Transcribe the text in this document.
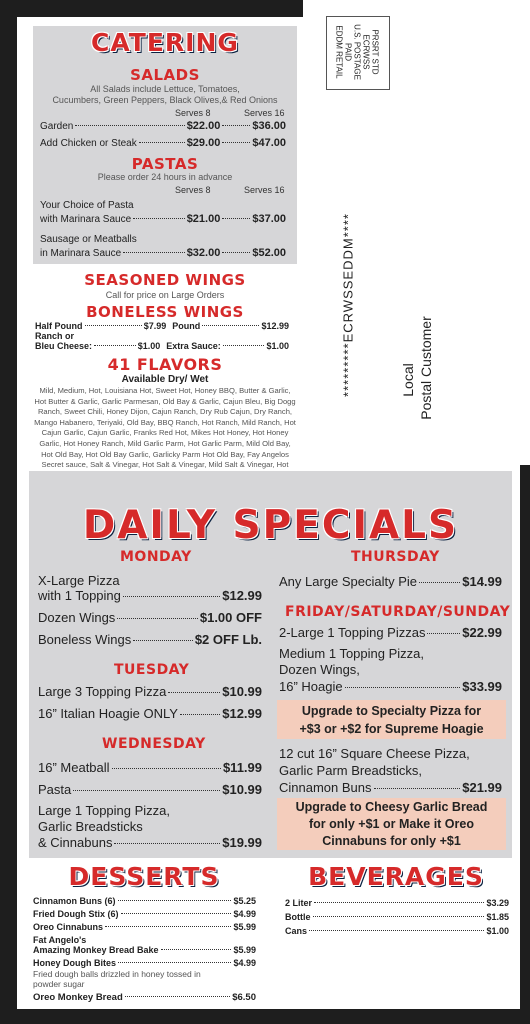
CATERING
SALADS
All Salads include Lettuce, Tomatoes,
Cucumbers, Green Peppers, Black Olives,& Red Onions
Serves 8	Serves 16
Garden	$22.00	$36.00
Add Chicken or Steak	$29.00	$47.00
PASTAS
Please order 24 hours in advance
Serves 8	Serves 16
Your Choice of Pasta
with Marinara Sauce	$21.00	$37.00
Sausage or Meatballs
in Marinara Sauce	$32.00	$52.00
SEASONED WINGS
Call for price on Large Orders
BONELESS WINGS
Half Pound	$7.99 Pound	$12.99
Ranch or
Bleu Cheese:	$1.00 Extra Sauce:	$1.00
41 FLAVORS
Available Dry/ Wet
Mild, Medium, Hot, Louisiana Hot, Sweet Hot, Honey BBQ, Butter & Garlic, Hot Butter & Garlic, Garlic Parmesan, Old Bay & Garlic, Cajun Bleu, Big Dogg Ranch, Sweet Chili, Honey Dijon, Cajun Ranch, Dry Rub Cajun, Dry Ranch, Mango Habanero, Teriyaki, Old Bay, BBQ Ranch, Hot Ranch, Mild Ranch, Hot Cajun Garlic, Cajun Garlic, Franks Red Hot, Mikes Hot Honey, Hot Honey Garlic, Hot Honey Ranch, Mild Garlic Parm, Hot Garlic Parm, Mild Old Bay, Hot Old Bay, Hot Old Bay Garlic, Garlicky Parm Hot Old Bay, Fay Angelos Secret sauce, Salt & Vinegar, Hot Salt & Vinegar, Mild Salt & Vinegar, Hot
PRSRT STD
ECRWSS
U.S. POSTAGE
PAID
EDDM RETAIL
*********ECRWSSEDDM****	Local Postal Customer
DAILY SPECIALS
MONDAY
X-Large Pizza
with 1 Topping	$12.99
Dozen Wings	$1.00 OFF
Boneless Wings	$2 OFF Lb.
TUESDAY
Large 3 Topping Pizza	$10.99
16” Italian Hoagie ONLY	$12.99
WEDNESDAY
16” Meatball	$11.99
Pasta	$10.99
Large 1 Topping Pizza,
Garlic Breadsticks
& Cinnabuns	$19.99
THURSDAY
Any Large Specialty Pie	$14.99
FRIDAY/SATURDAY/SUNDAY
2-Large 1 Topping Pizzas	$22.99
Medium 1 Topping Pizza,
Dozen Wings,
16” Hoagie	$33.99
Upgrade to Specialty Pizza for
+$3 or +$2 for Supreme Hoagie
12 cut 16” Square Cheese Pizza,
Garlic Parm Breadsticks,
Cinnamon Buns	$21.99
Upgrade to Cheesy Garlic Bread
for only +$1 or Make it Oreo
Cinnabuns for only +$1
DESSERTS
Cinnamon Buns (6)	$5.25
Fried Dough Stix (6)	$4.99
Oreo Cinnabuns	$5.99
Fat Angelo's
Amazing Monkey Bread Bake	$5.99
Honey Dough Bites	$4.99
Fried dough balls drizzled in honey tossed in
powder sugar
Oreo Monkey Bread	$6.50
BEVERAGES
2 Liter	$3.29
Bottle	$1.85
Cans	$1.00
